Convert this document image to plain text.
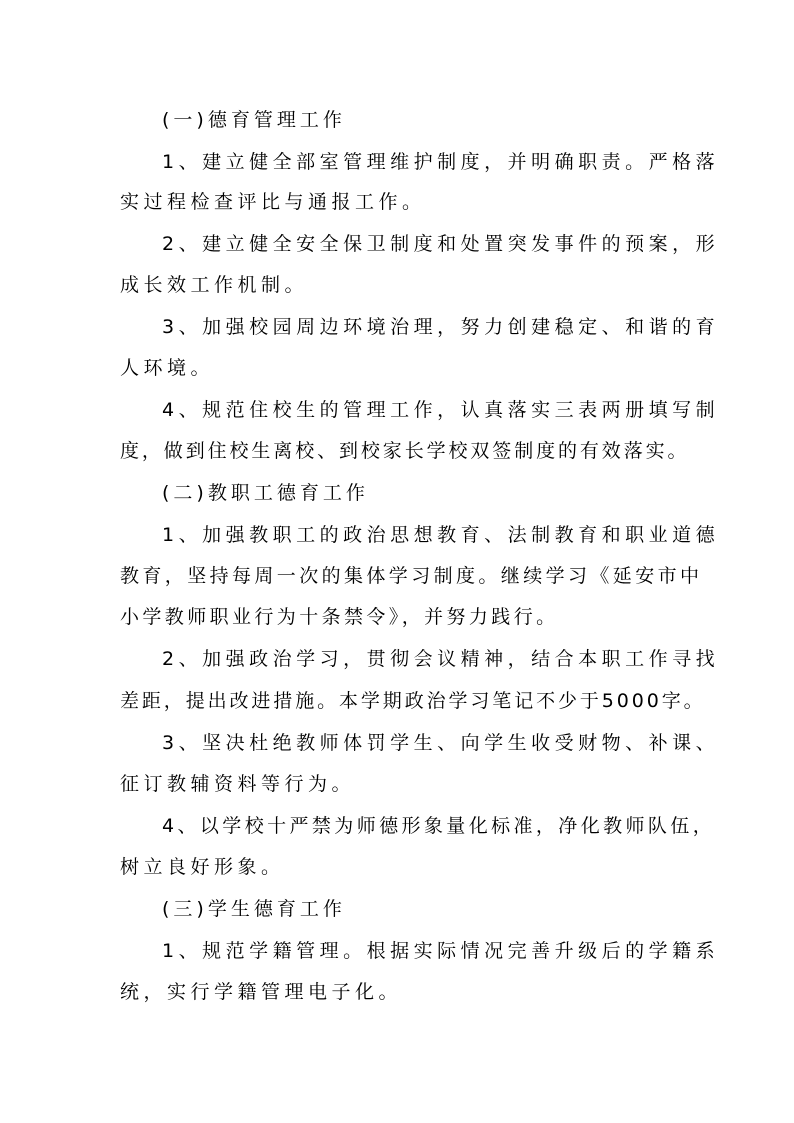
(一)德育管理工作
1、建立健全部室管理维护制度，并明确职责。严格落
实过程检查评比与通报工作。
2、建立健全安全保卫制度和处置突发事件的预案，形
成长效工作机制。
3、加强校园周边环境治理，努力创建稳定、和谐的育
人环境。
4、规范住校生的管理工作，认真落实三表两册填写制
度，做到住校生离校、到校家长学校双签制度的有效落实。
(二)教职工德育工作
1、加强教职工的政治思想教育、法制教育和职业道德
教育，坚持每周一次的集体学习制度。继续学习《延安市中
小学教师职业行为十条禁令》，并努力践行。
2、加强政治学习，贯彻会议精神，结合本职工作寻找
差距，提出改进措施。本学期政治学习笔记不少于5000字。
3、坚决杜绝教师体罚学生、向学生收受财物、补课、
征订教辅资料等行为。
4、以学校十严禁为师德形象量化标准，净化教师队伍，
树立良好形象。
(三)学生德育工作
1、规范学籍管理。根据实际情况完善升级后的学籍系
统，实行学籍管理电子化。
